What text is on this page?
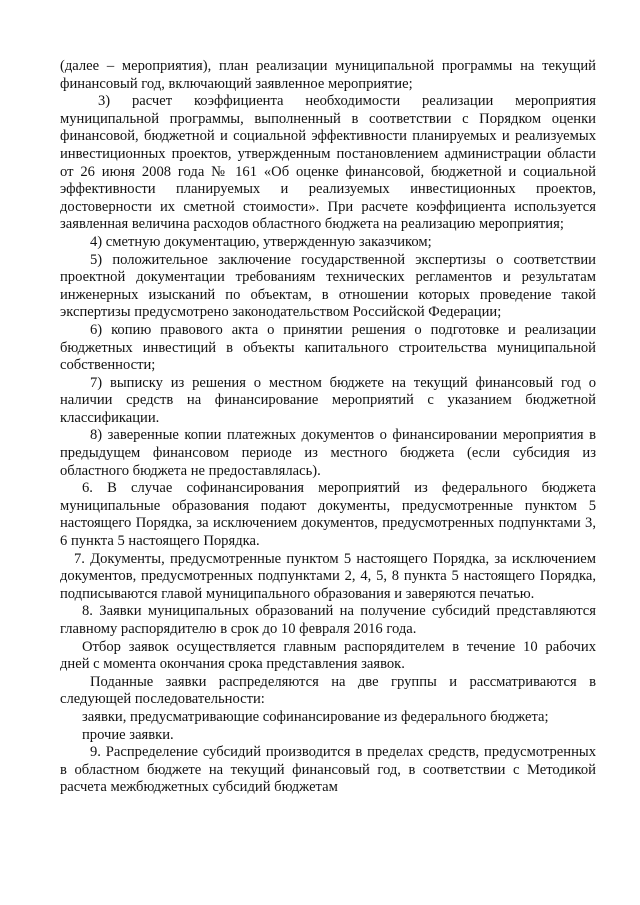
(далее – мероприятия), план реализации муниципальной программы на текущий финансовый год, включающий заявленное мероприятие;

3) расчет коэффициента необходимости реализации мероприятия муниципальной программы, выполненный в соответствии с Порядком оценки финансовой, бюджетной и социальной эффективности планируемых и реализуемых инвестиционных проектов, утвержденным постановлением администрации области от 26 июня 2008 года № 161 «Об оценке финансовой, бюджетной и социальной эффективности планируемых и реализуемых инвестиционных проектов, достоверности их сметной стоимости». При расчете коэффициента используется заявленная величина расходов областного бюджета на реализацию мероприятия;

4) сметную документацию, утвержденную заказчиком;

5) положительное заключение государственной экспертизы о соответствии проектной документации требованиям технических регламентов и результатам инженерных изысканий по объектам, в отношении которых проведение такой экспертизы предусмотрено законодательством Российской Федерации;

6) копию правового акта о принятии решения о подготовке и реализации бюджетных инвестиций в объекты капитального строительства муниципальной собственности;

7) выписку из решения о местном бюджете на текущий финансовый год о наличии средств на финансирование мероприятий с указанием бюджетной классификации.

8) заверенные копии платежных документов о финансировании мероприятия в предыдущем финансовом периоде из местного бюджета (если субсидия из областного бюджета не предоставлялась).

6. В случае софинансирования мероприятий из федерального бюджета муниципальные образования подают документы, предусмотренные пунктом 5 настоящего Порядка, за исключением документов, предусмотренных подпунктами 3, 6 пункта 5 настоящего Порядка.

7. Документы, предусмотренные пунктом 5 настоящего Порядка, за исключением документов, предусмотренных подпунктами 2, 4, 5, 8 пункта 5 настоящего Порядка, подписываются главой муниципального образования и заверяются печатью.

8. Заявки муниципальных образований на получение субсидий представляются главному распорядителю в срок до 10 февраля 2016 года.

Отбор заявок осуществляется главным распорядителем в течение 10 рабочих дней с момента окончания срока представления заявок.

Поданные заявки распределяются на две группы и рассматриваются в следующей последовательности:

заявки, предусматривающие софинансирование из федерального бюджета;

прочие заявки.

9. Распределение субсидий производится в пределах средств, предусмотренных в областном бюджете на текущий финансовый год, в соответствии с Методикой расчета межбюджетных субсидий бюджетам
